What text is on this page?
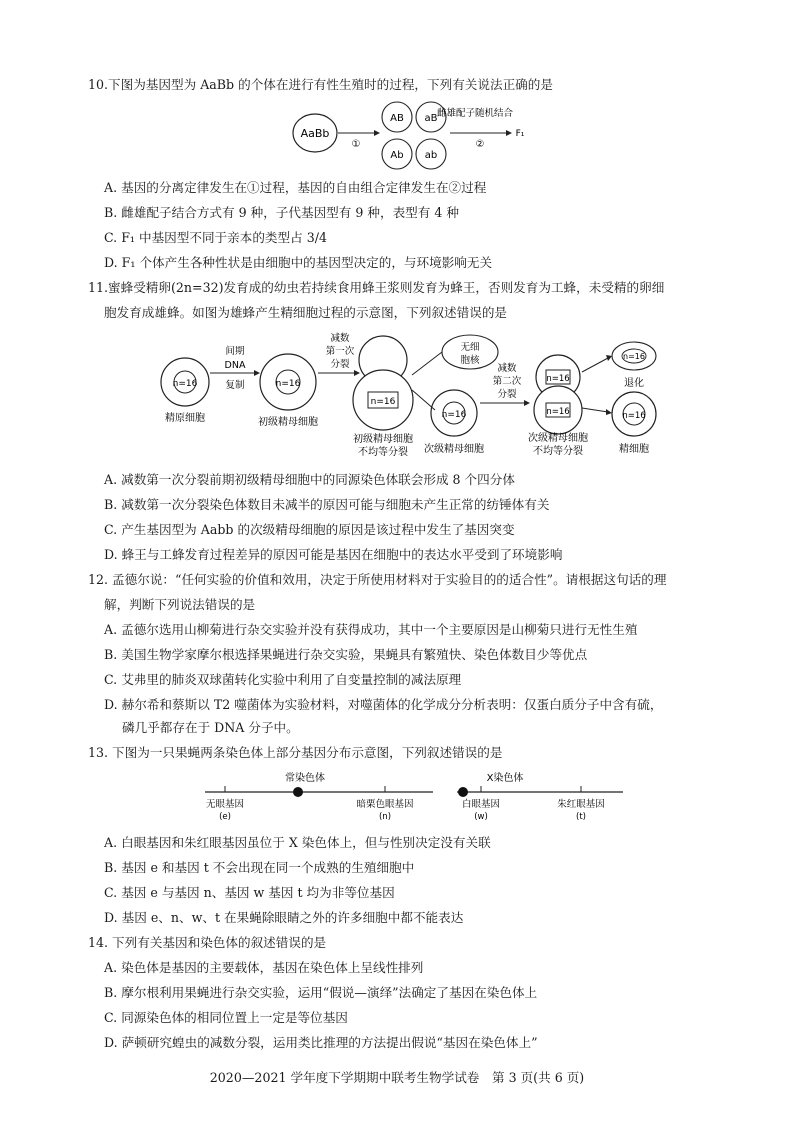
10.下图为基因型为 AaBb 的个体在进行有性生殖时的过程，下列有关说法正确的是
AaBb
①
AB aB
Ab ab
雌雄配子随机结合
②
F₁
A. 基因的分离定律发生在①过程，基因的自由组合定律发生在②过程
B. 雌雄配子结合方式有 9 种，子代基因型有 9 种，表型有 4 种
C. F₁ 中基因型不同于亲本的类型占 3/4
D. F₁ 个体产生各种性状是由细胞中的基因型决定的，与环境影响无关
11.蜜蜂受精卵(2n=32)发育成的幼虫若持续食用蜂王浆则发育为蜂王，否则发育为工蜂，未受精的卵细
胞发育成雄蜂。如图为雄蜂产生精细胞过程的示意图，下列叙述错误的是
n=16
精原细胞
间期
DNA
复制	n=16
初级精母细胞
减数
第一次
分裂
n=16
初级精母细胞
不均等分裂
无细
胞核
n=16
次级精母细胞
减数
第二次
分裂
n=16
n=16
次级精母细胞
不均等分裂
n=16
退化
n=16
精细胞
A. 减数第一次分裂前期初级精母细胞中的同源染色体联会形成 8 个四分体
B. 减数第一次分裂染色体数目未减半的原因可能与细胞未产生正常的纺锤体有关
C. 产生基因型为 Aabb 的次级精母细胞的原因是该过程中发生了基因突变
D. 蜂王与工蜂发育过程差异的原因可能是基因在细胞中的表达水平受到了环境影响
12. 孟德尔说：“任何实验的价值和效用，决定于所使用材料对于实验目的的适合性”。请根据这句话的理
解，判断下列说法错误的是
A. 孟德尔选用山柳菊进行杂交实验并没有获得成功，其中一个主要原因是山柳菊只进行无性生殖
B. 美国生物学家摩尔根选择果蝇进行杂交实验，果蝇具有繁殖快、染色体数目少等优点
C. 艾弗里的肺炎双球菌转化实验中利用了自变量控制的减法原理
D. 赫尔希和蔡斯以 T2 噬菌体为实验材料，对噬菌体的化学成分分析表明：仅蛋白质分子中含有硫，
磷几乎都存在于 DNA 分子中。
13. 下图为一只果蝇两条染色体上部分基因分布示意图，下列叙述错误的是
常染色体
无眼基因
(e)
暗栗色眼基因
(n)
X染色体
白眼基因
(w)
朱红眼基因
(t)
A. 白眼基因和朱红眼基因虽位于 X 染色体上，但与性别决定没有关联
B. 基因 e 和基因 t 不会出现在同一个成熟的生殖细胞中
C. 基因 e 与基因 n、基因 w 基因 t 均为非等位基因
D. 基因 e、n、w、t 在果蝇除眼睛之外的许多细胞中都不能表达
14. 下列有关基因和染色体的叙述错误的是
A. 染色体是基因的主要载体，基因在染色体上呈线性排列
B. 摩尔根利用果蝇进行杂交实验，运用“假说—演绎”法确定了基因在染色体上
C. 同源染色体的相同位置上一定是等位基因
D. 萨顿研究蝗虫的减数分裂，运用类比推理的方法提出假说“基因在染色体上”
2020—2021 学年度下学期期中联考生物学试卷　第 3 页(共 6 页)
